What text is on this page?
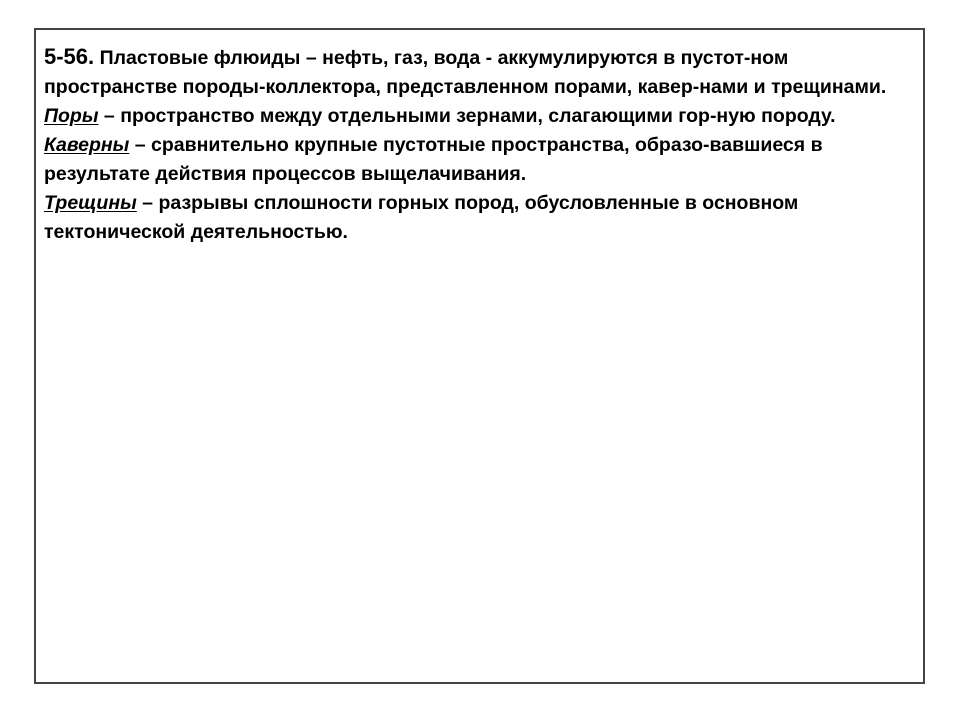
5-56. Пластовые флюиды – нефть, газ, вода - аккумулируются в пустот-ном пространстве породы-коллектора, представленном порами, кавер-нами и трещинами.

Поры – пространство между отдельными зернами, слагающими гор-ную породу.

Каверны – сравнительно крупные пустотные пространства, образо-вавшиеся в результате действия процессов выщелачивания.

Трещины – разрывы сплошности горных пород, обусловленные в основном тектонической деятельностью.
